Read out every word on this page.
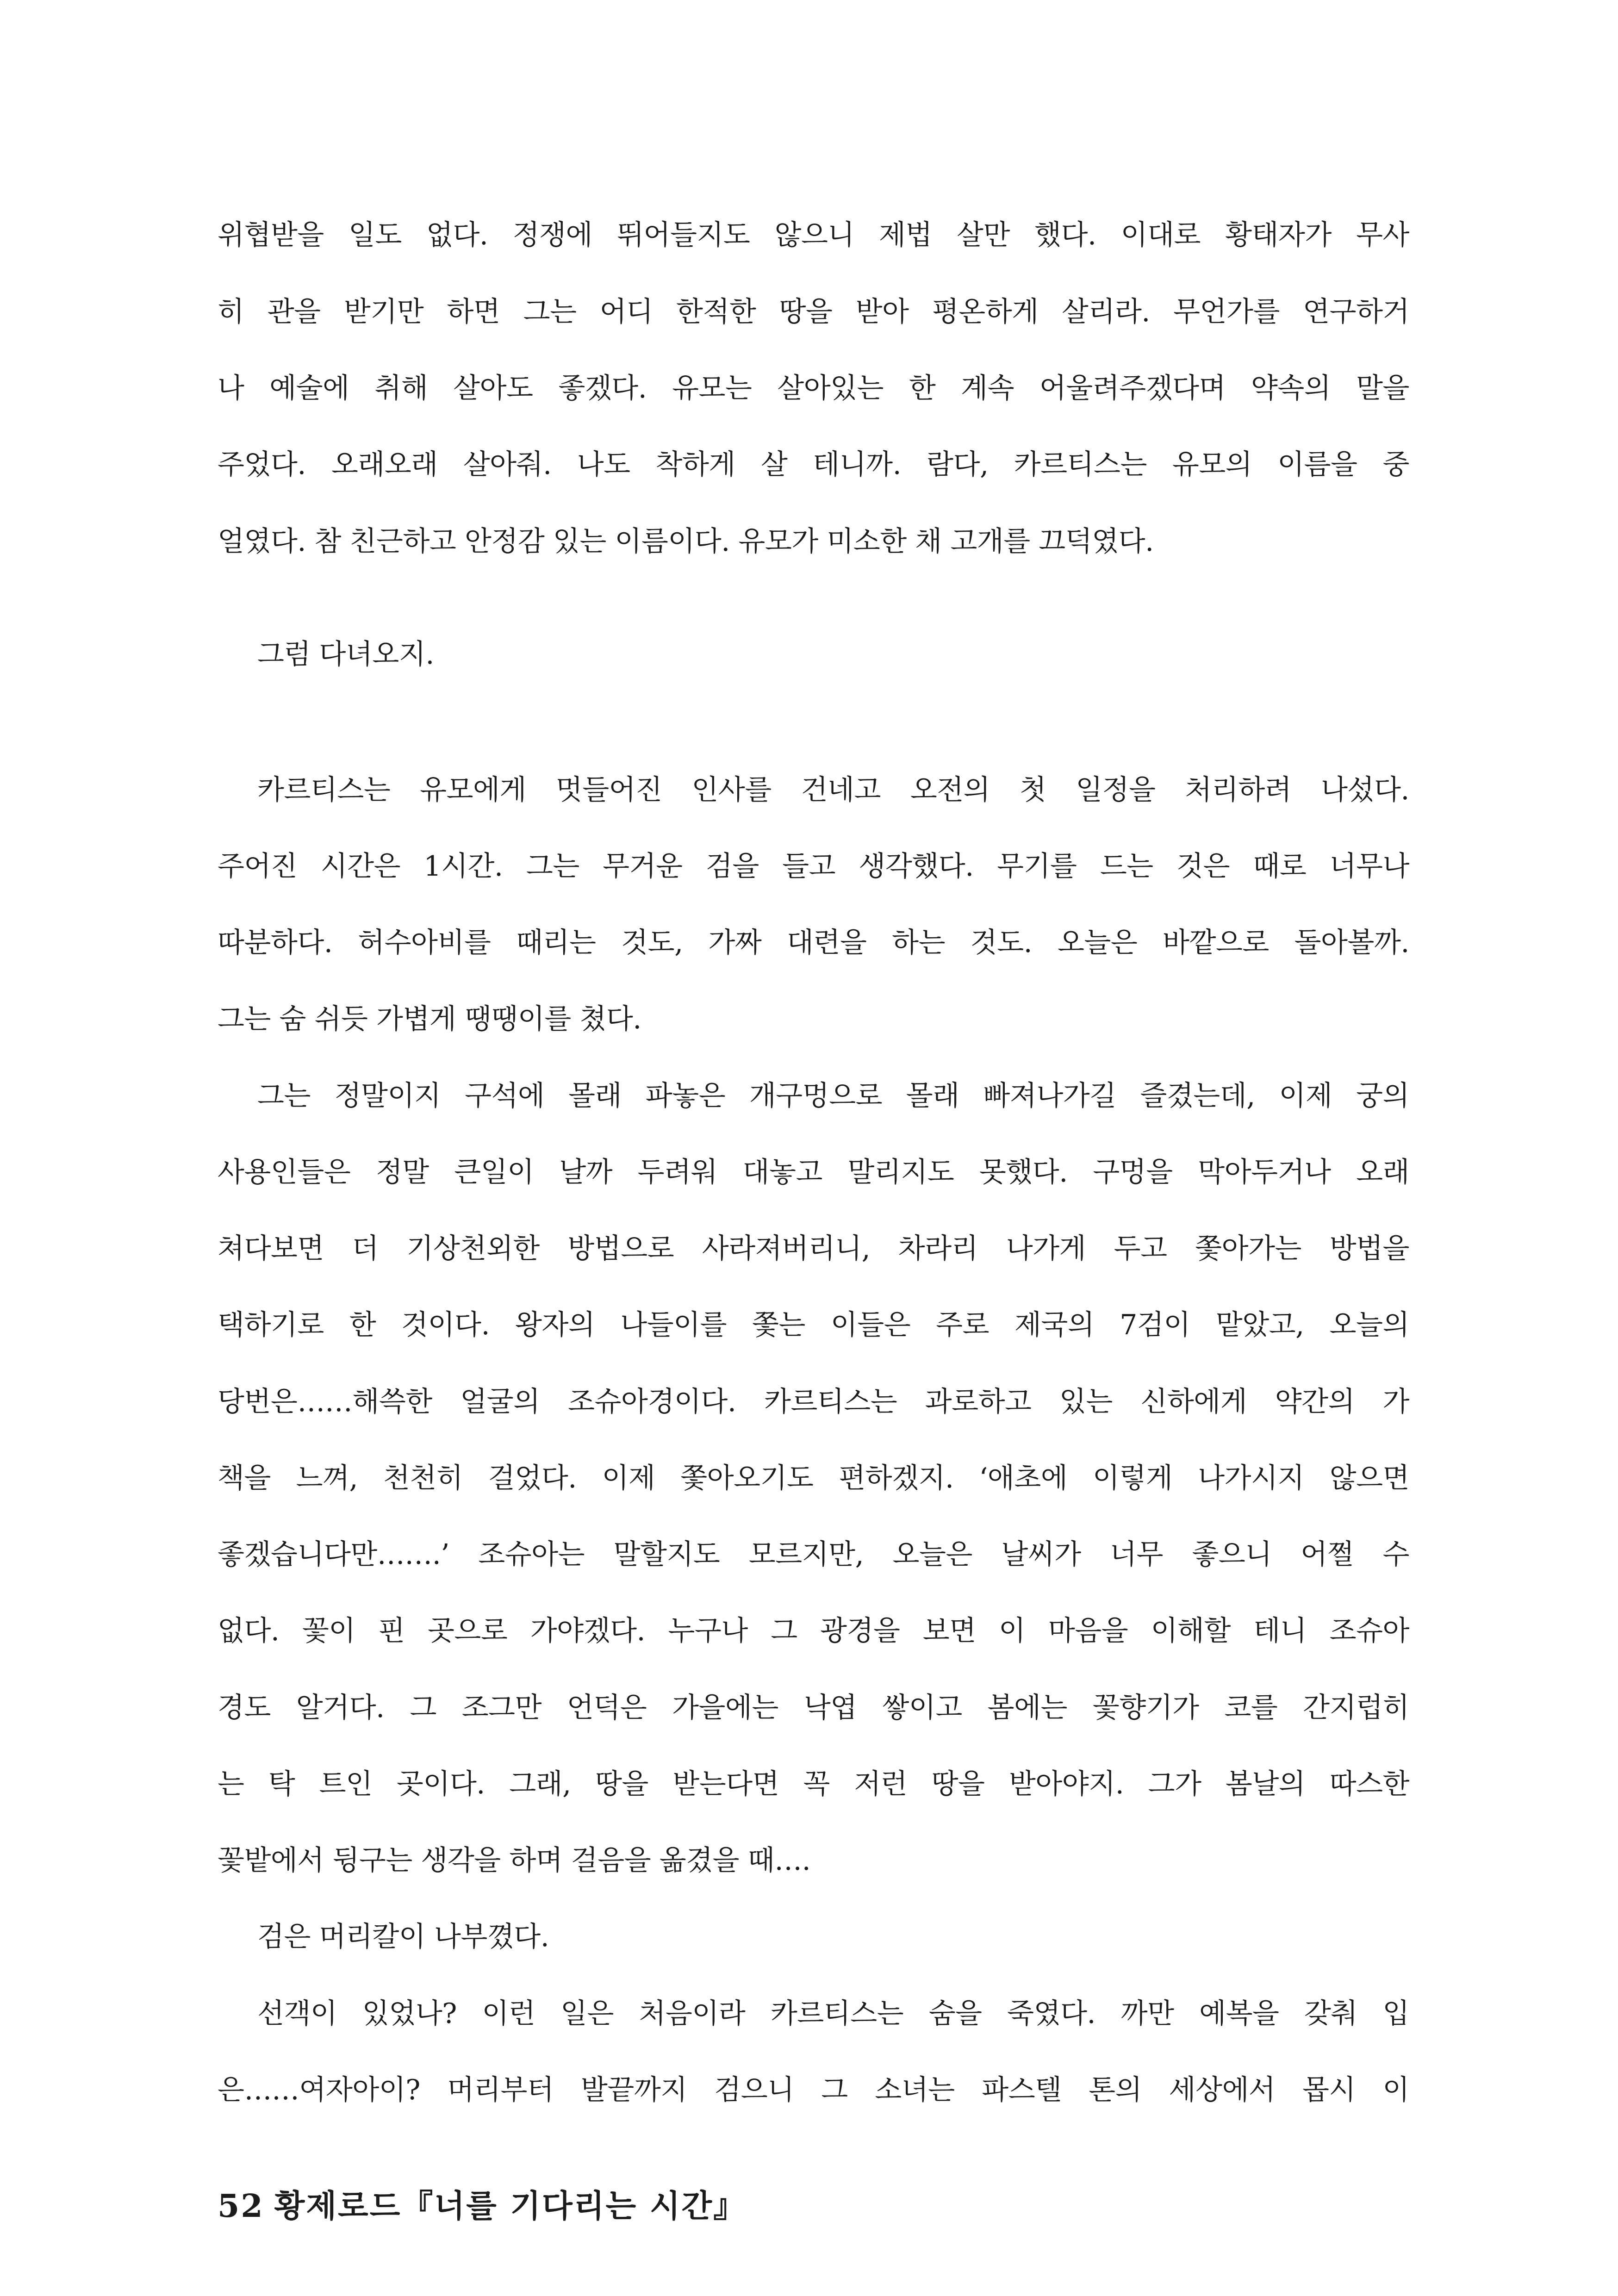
위협받을 일도 없다. 정쟁에 뛰어들지도 않으니 제법 살만 했다. 이대로 황태자가 무사
히 관을 받기만 하면 그는 어디 한적한 땅을 받아 평온하게 살리라. 무언가를 연구하거
나 예술에 취해 살아도 좋겠다. 유모는 살아있는 한 계속 어울려주겠다며 약속의 말을
주었다. 오래오래 살아줘. 나도 착하게 살 테니까. 람다, 카르티스는 유모의 이름을 중
얼였다. 참 친근하고 안정감 있는 이름이다. 유모가 미소한 채 고개를 끄덕였다.
그럼 다녀오지.
카르티스는 유모에게 멋들어진 인사를 건네고 오전의 첫 일정을 처리하려 나섰다.
주어진 시간은 1시간. 그는 무거운 검을 들고 생각했다. 무기를 드는 것은 때로 너무나
따분하다. 허수아비를 때리는 것도, 가짜 대련을 하는 것도. 오늘은 바깥으로 돌아볼까.
그는 숨 쉬듯 가볍게 땡땡이를 쳤다.
그는 정말이지 구석에 몰래 파놓은 개구멍으로 몰래 빠져나가길 즐겼는데, 이제 궁의
사용인들은 정말 큰일이 날까 두려워 대놓고 말리지도 못했다. 구멍을 막아두거나 오래
쳐다보면 더 기상천외한 방법으로 사라져버리니, 차라리 나가게 두고 쫓아가는 방법을
택하기로 한 것이다. 왕자의 나들이를 쫓는 이들은 주로 제국의 7검이 맡았고, 오늘의
당번은……해쓱한 얼굴의 조슈아경이다. 카르티스는 과로하고 있는 신하에게 약간의 가
책을 느껴, 천천히 걸었다. 이제 쫓아오기도 편하겠지. ‘애초에 이렇게 나가시지 않으면
좋겠습니다만…….’ 조슈아는 말할지도 모르지만, 오늘은 날씨가 너무 좋으니 어쩔 수
없다. 꽃이 핀 곳으로 가야겠다. 누구나 그 광경을 보면 이 마음을 이해할 테니 조슈아
경도 알거다. 그 조그만 언덕은 가을에는 낙엽 쌓이고 봄에는 꽃향기가 코를 간지럽히
는 탁 트인 곳이다. 그래, 땅을 받는다면 꼭 저런 땅을 받아야지. 그가 봄날의 따스한
꽃밭에서 뒹구는 생각을 하며 걸음을 옮겼을 때….
검은 머리칼이 나부꼈다.
선객이 있었나? 이런 일은 처음이라 카르티스는 숨을 죽였다. 까만 예복을 갖춰 입
은……여자아이? 머리부터 발끝까지 검으니 그 소녀는 파스텔 톤의 세상에서 몹시 이
52 황제로드『너를 기다리는 시간』
